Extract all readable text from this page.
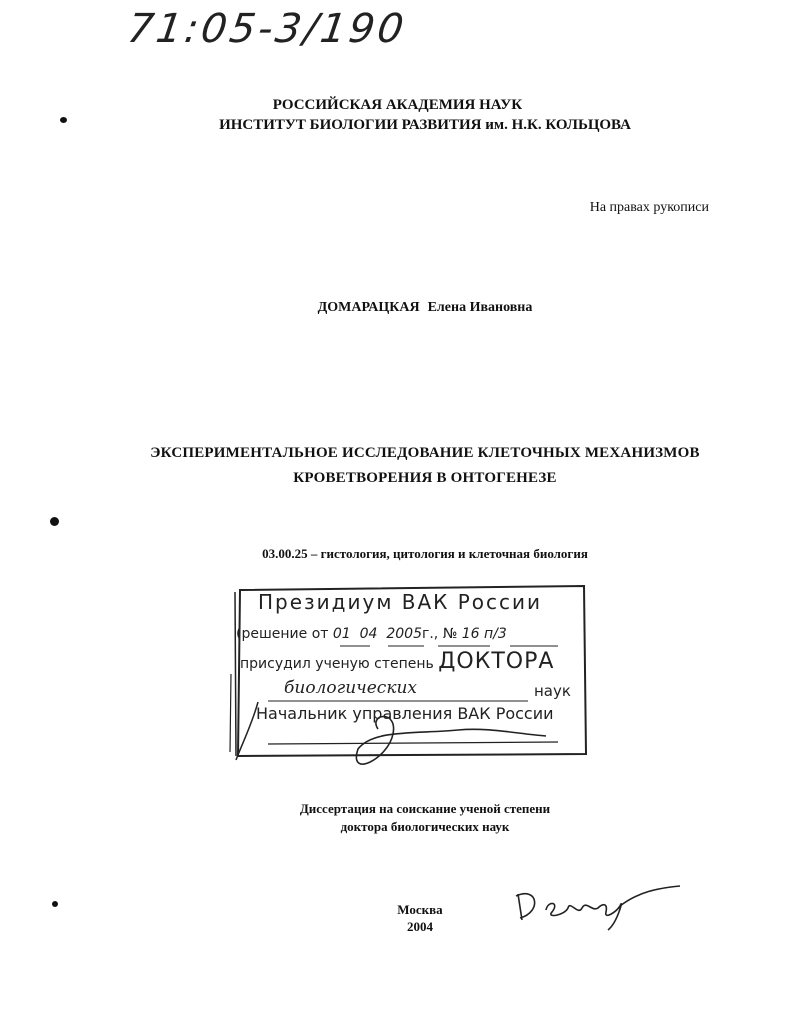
71:05-3/190
РОССИЙСКАЯ АКАДЕМИЯ НАУК
ИНСТИТУТ БИОЛОГИИ РАЗВИТИЯ им. Н.К. КОЛЬЦОВА
На правах рукописи
ДОМАРАЦКАЯ Елена Ивановна
ЭКСПЕРИМЕНТАЛЬНОЕ ИССЛЕДОВАНИЕ КЛЕТОЧНЫХ МЕХАНИЗМОВ
КРОВЕТВОРЕНИЯ В ОНТОГЕНЕЗЕ
03.00.25 – гистология, цитология и клеточная биология
Президиум ВАК России
(решение от 01 04 2005г., № 16 п/3
присудил ученую степень ДОКТОРА
биологических	наук
Начальник управления ВАК России
Диссертация на соискание ученой степени
доктора биологических наук
Москва
2004
